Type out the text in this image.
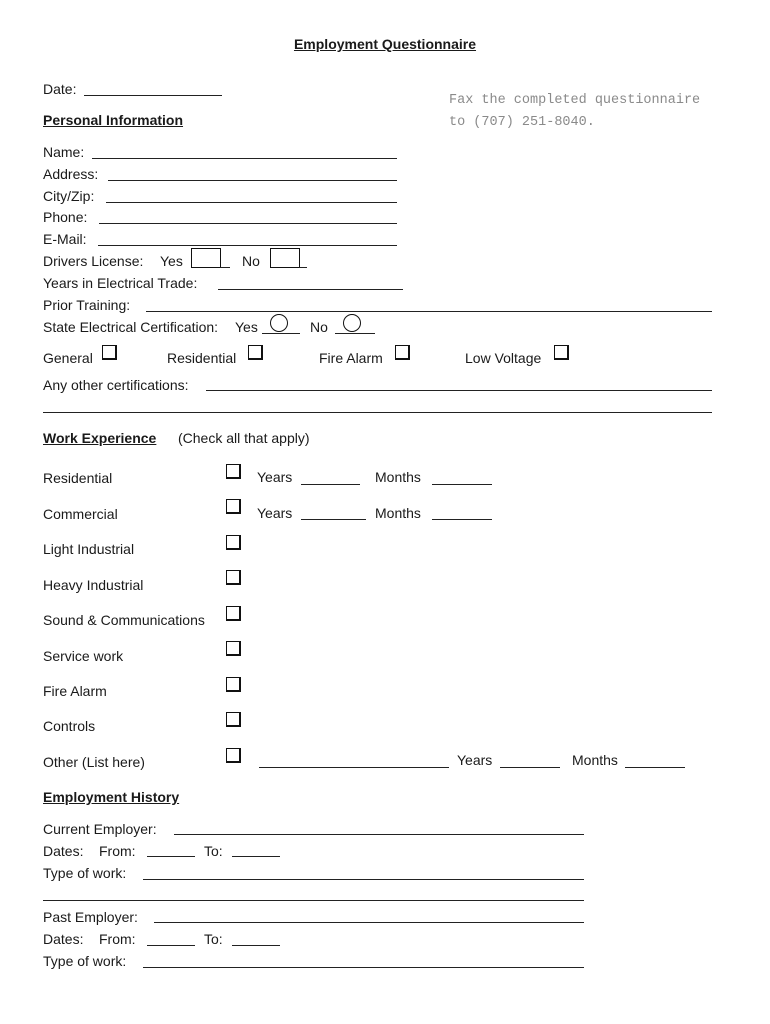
Employment Questionnaire
Date:
Fax the completed questionnaire
to (707) 251-8040.
Personal Information
Name:
Address:
City/Zip:
Phone:
E-Mail:
Drivers License: Yes	No
Years in Electrical Trade:
Prior Training:
State Electrical Certification: Yes	No
General	Residential	Fire Alarm	Low Voltage
Any other certifications:
Work Experience (Check all that apply)
Residential	Years	Months
Commercial	Years	Months
Light Industrial
Heavy Industrial
Sound & Communications
Service work
Fire Alarm
Controls
Other (List here)	Years	Months
Employment History
Current Employer:
Dates: From:	To:
Type of work:
Past Employer:
Dates: From:	To:
Type of work:
